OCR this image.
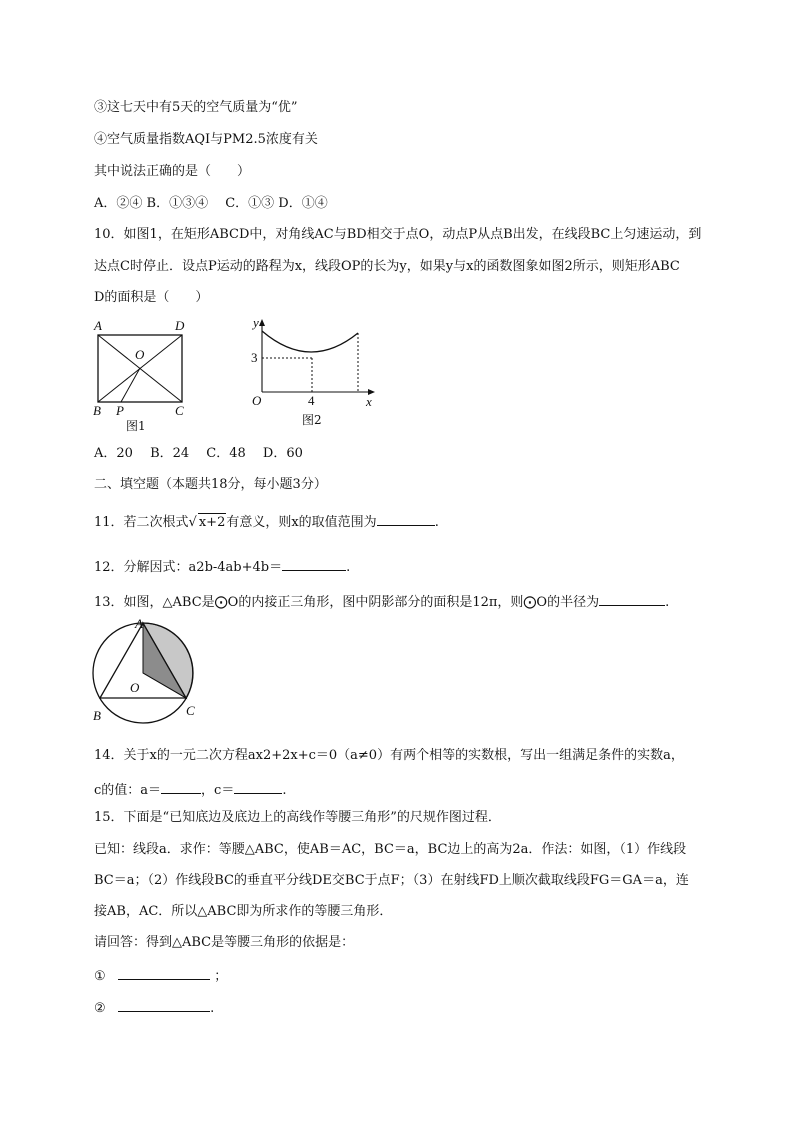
③这七天中有5天的空气质量为“优”
④空气质量指数AQI与PM2.5浓度有关
其中说法正确的是（　　）
A．②④ B．①③④　 C．①③ D．①④
10．如图1，在矩形ABCD中，对角线AC与BD相交于点O，动点P从点B出发，在线段BC上匀速运动，到
达点C时停止．设点P运动的路程为x，线段OP的长为y，如果y与x的函数图象如图2所示，则矩形ABC
D的面积是（　　）
A	D
O
B P	C
图1
y
3
O	4	x
图2
A．20　 B．24　 C．48　 D．60
二、填空题（本题共18分，每小题3分）
11．若二次根式√ x+2有意义，则x的取值范围为	.
12．分解因式：a2b-4ab+4b＝	.
13．如图，△ABC是⨀O的内接正三角形，图中阴影部分的面积是12π，则⨀O的半径为	.
A
O
B	C
14．关于x的一元二次方程ax2+2x+c＝0（a≠0）有两个相等的实数根，写出一组满足条件的实数a，
c的值：a＝	，c＝	.
15．下面是“已知底边及底边上的高线作等腰三角形”的尺规作图过程．
已知：线段a．求作：等腰△ABC，使AB＝AC，BC＝a，BC边上的高为2a．作法：如图，（1）作线段
BC＝a；（2）作线段BC的垂直平分线DE交BC于点F；（3）在射线FD上顺次截取线段FG＝GA＝a，连
接AB，AC．所以△ABC即为所求作的等腰三角形．
请回答：得到△ABC是等腰三角形的依据是：
①	；
②	.
